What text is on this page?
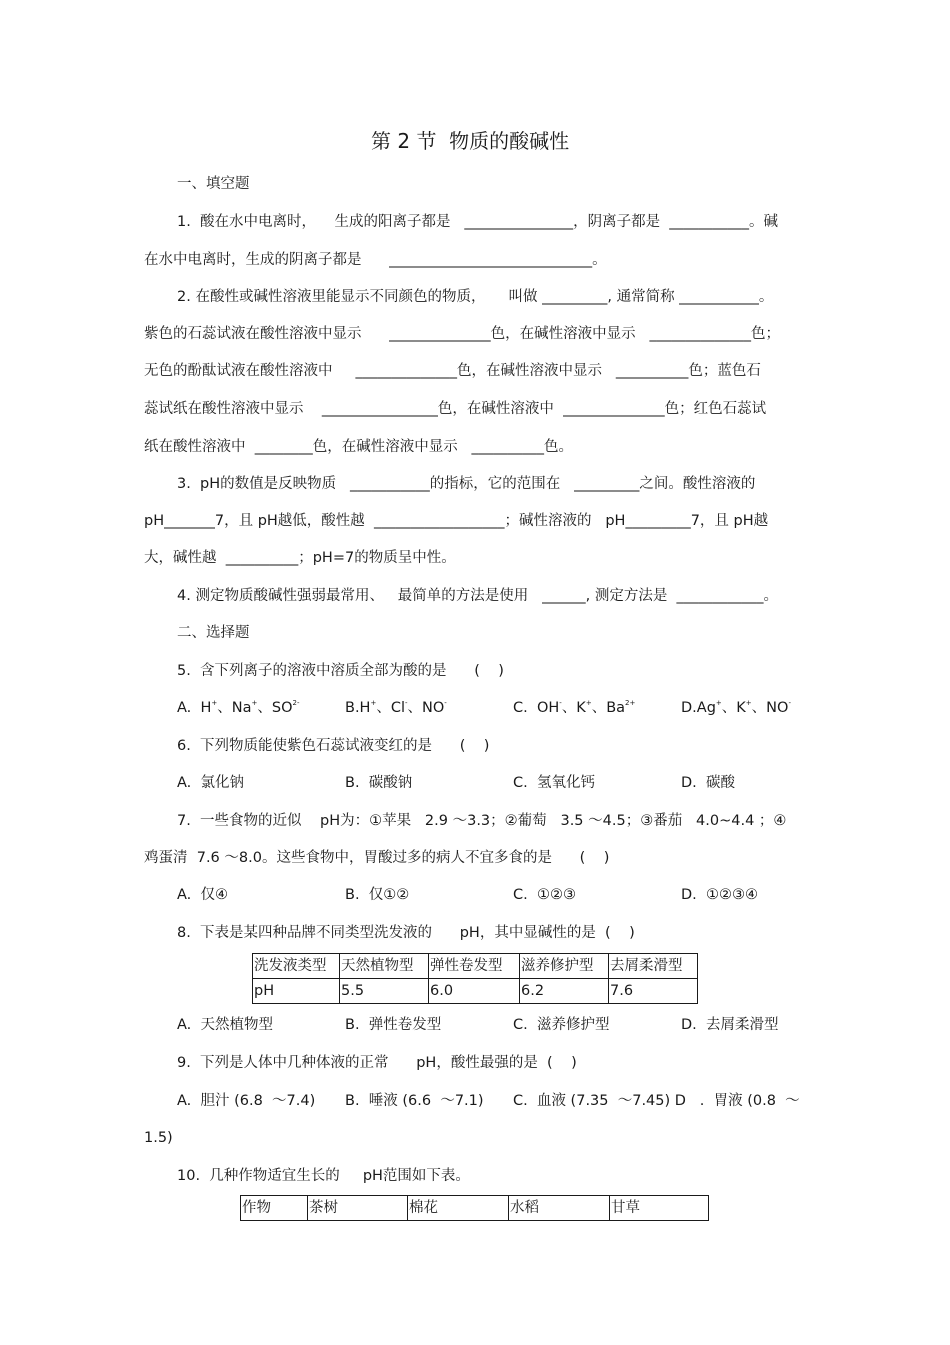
第 2 节  物质的酸碱性
一、填空题
1.  酸在水中电离时，    生成的阳离子都是   _______________，阴离子都是  ___________。碱
在水中电离时，生成的阴离子都是      ____________________________。
2. 在酸性或碱性溶液里能显示不同颜色的物质，     叫做 _________, 通常简称 ___________。
紫色的石蕊试液在酸性溶液中显示      ______________色，在碱性溶液中显示   ______________色；
无色的酚酞试液在酸性溶液中     ______________色，在碱性溶液中显示   __________色；蓝色石
蕊试纸在酸性溶液中显示    ________________色，在碱性溶液中  ______________色；红色石蕊试
纸在酸性溶液中  ________色，在碱性溶液中显示   __________色。
3.  pH的数值是反映物质   ___________的指标，它的范围在   _________之间。酸性溶液的
pH_______7，且 pH越低，酸性越  __________________；碱性溶液的   pH_________7，且 pH越
大，碱性越  __________；pH=7的物质呈中性。
4. 测定物质酸碱性强弱最常用、   最简单的方法是使用   ______, 测定方法是  ____________。
二、选择题
5.  含下列离子的溶液中溶质全部为酸的是      (    )
A.  H+、Na+、$SO^{2-}$	B.H+、Cl-、NO-	C.  OH-、K+、$Ba^{2+}$	D.Ag+、K+、NO-
6.  下列物质能使紫色石蕊试液变红的是      (    )
A.  氯化钠	B.  碳酸钠	C.  氢氧化钙	D.  碳酸
7.  一些食物的近似    pH为：①苹果   2.9 ～3.3；②葡萄   3.5 ～4.5；③番茄   4.0~4.4 ；④
鸡蛋清  7.6 ～8.0。这些食物中，胃酸过多的病人不宜多食的是      (    )
A.  仅④	B.  仅①②	C.  ①②③	D.  ①②③④
8.  下表是某四种品牌不同类型洗发液的      pH，其中显碱性的是  (    )
洗发液类型	天然植物型	弹性卷发型	滋养修护型	去屑柔滑型
pH	5.5	6.0	6.2	7.6
A.  天然植物型	B.  弹性卷发型	C.  滋养修护型	D.  去屑柔滑型
9.  下列是人体中几种体液的正常      pH，酸性最强的是  (    )
A.  胆汁 (6.8  ～7.4) B.  唾液 (6.6  ～7.1) C.  血液 (7.35  ～7.45) D   .  胃液 (0.8  ～
1.5)
10.  几种作物适宜生长的     pH范围如下表。
作物	茶树	棉花	水稻	甘草
